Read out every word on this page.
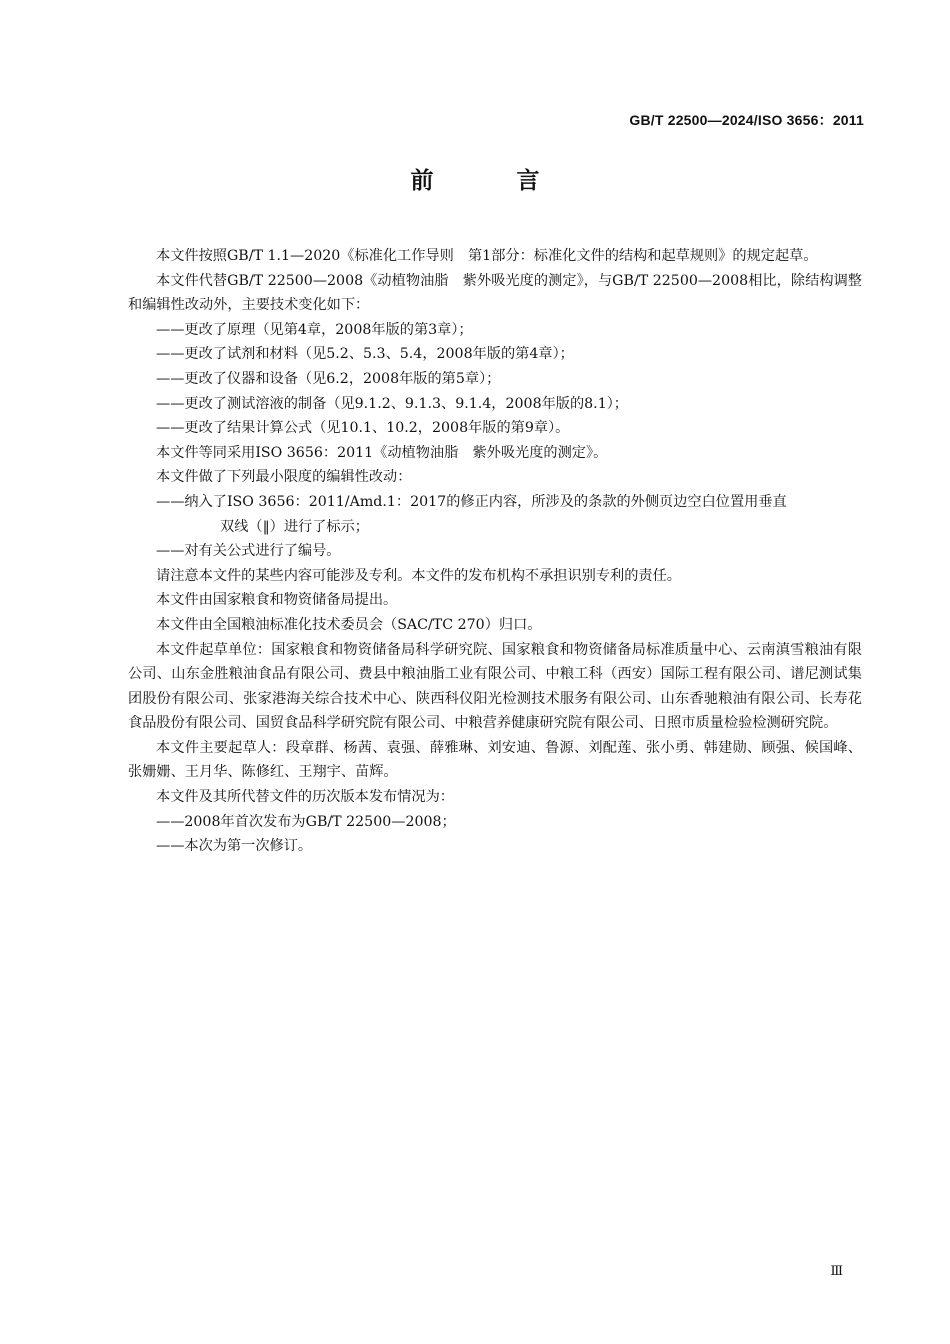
GB/T 22500—2024/ISO 3656：2011
前　言

本文件按照GB/T 1.1—2020《标准化工作导则　第1部分：标准化文件的结构和起草规则》的规定起草。

本文件代替GB/T 22500—2008《动植物油脂　紫外吸光度的测定》，与GB/T 22500—2008相比，除结构调整和编辑性改动外，主要技术变化如下：

——更改了原理（见第4章，2008年版的第3章）；

——更改了试剂和材料（见5.2、5.3、5.4，2008年版的第4章）；

——更改了仪器和设备（见6.2，2008年版的第5章）；

——更改了测试溶液的制备（见9.1.2、9.1.3、9.1.4，2008年版的8.1）；

——更改了结果计算公式（见10.1、10.2，2008年版的第9章）。

本文件等同采用ISO 3656：2011《动植物油脂　紫外吸光度的测定》。

本文件做了下列最小限度的编辑性改动：

——纳入了ISO 3656：2011/Amd.1：2017的修正内容，所涉及的条款的外侧页边空白位置用垂直
双线（‖）进行了标示；

——对有关公式进行了编号。

请注意本文件的某些内容可能涉及专利。本文件的发布机构不承担识别专利的责任。

本文件由国家粮食和物资储备局提出。

本文件由全国粮油标准化技术委员会（SAC/TC 270）归口。

本文件起草单位：国家粮食和物资储备局科学研究院、国家粮食和物资储备局标准质量中心、云南滇雪粮油有限公司、山东金胜粮油食品有限公司、费县中粮油脂工业有限公司、中粮工科（西安）国际工程有限公司、谱尼测试集团股份有限公司、张家港海关综合技术中心、陕西科仪阳光检测技术服务有限公司、山东香驰粮油有限公司、长寿花食品股份有限公司、国贸食品科学研究院有限公司、中粮营养健康研究院有限公司、日照市质量检验检测研究院。

本文件主要起草人：段章群、杨茜、袁强、薛雅琳、刘安迪、鲁源、刘配莲、张小勇、韩建勋、顾强、候国峰、张姗姗、王月华、陈修红、王翔宇、苗辉。

本文件及其所代替文件的历次版本发布情况为：

——2008年首次发布为GB/T 22500—2008；

——本次为第一次修订。

Ⅲ
